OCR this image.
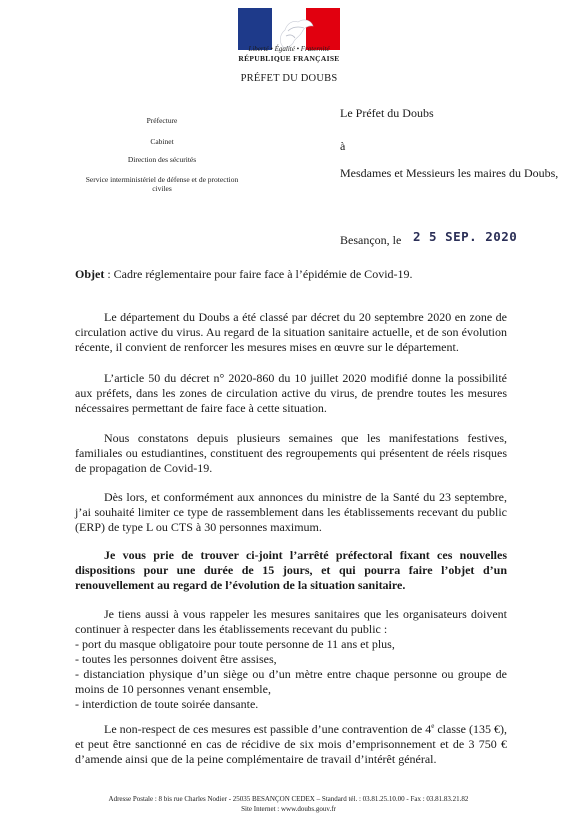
Liberté • Égalité • Fraternité
RÉPUBLIQUE FRANÇAISE
PRÉFET DU DOUBS
Préfecture
Cabinet
Direction des sécurités
Service interministériel de défense et de protection civiles
Le Préfet du Doubs
à
Mesdames et Messieurs les maires du Doubs,
Besançon, le 2 5 SEP. 2020
Objet : Cadre réglementaire pour faire face à l’épidémie de Covid-19.
Le département du Doubs a été classé par décret du 20 septembre 2020 en zone de circulation active du virus. Au regard de la situation sanitaire actuelle, et de son évolution récente, il convient de renforcer les mesures mises en œuvre sur le département.
L’article 50 du décret n° 2020-860 du 10 juillet 2020 modifié donne la possibilité aux préfets, dans les zones de circulation active du virus, de prendre toutes les mesures nécessaires permettant de faire face à cette situation.
Nous constatons depuis plusieurs semaines que les manifestations festives, familiales ou estudiantines, constituent des regroupements qui présentent de réels risques de propagation de Covid-19.
Dès lors, et conformément aux annonces du ministre de la Santé du 23 septembre, j’ai souhaité limiter ce type de rassemblement dans les établissements recevant du public (ERP) de type L ou CTS à 30 personnes maximum.
Je vous prie de trouver ci-joint l’arrêté préfectoral fixant ces nouvelles dispositions pour une durée de 15 jours, et qui pourra faire l’objet d’un renouvellement au regard de l’évolution de la situation sanitaire.
Je tiens aussi à vous rappeler les mesures sanitaires que les organisateurs doivent continuer à respecter dans les établissements recevant du public :
- port du masque obligatoire pour toute personne de 11 ans et plus,
- toutes les personnes doivent être assises,
- distanciation physique d’un siège ou d’un mètre entre chaque personne ou groupe de moins de 10 personnes venant ensemble,
- interdiction de toute soirée dansante.
Le non-respect de ces mesures est passible d’une contravention de 4e classe (135 €), et peut être sanctionné en cas de récidive de six mois d’emprisonnement et de 3 750 € d’amende ainsi que de la peine complémentaire de travail d’intérêt général.
Adresse Postale : 8 bis rue Charles Nodier - 25035 BESANÇON CEDEX – Standard tél. : 03.81.25.10.00 - Fax : 03.81.83.21.82
Site Internet : www.doubs.gouv.fr
